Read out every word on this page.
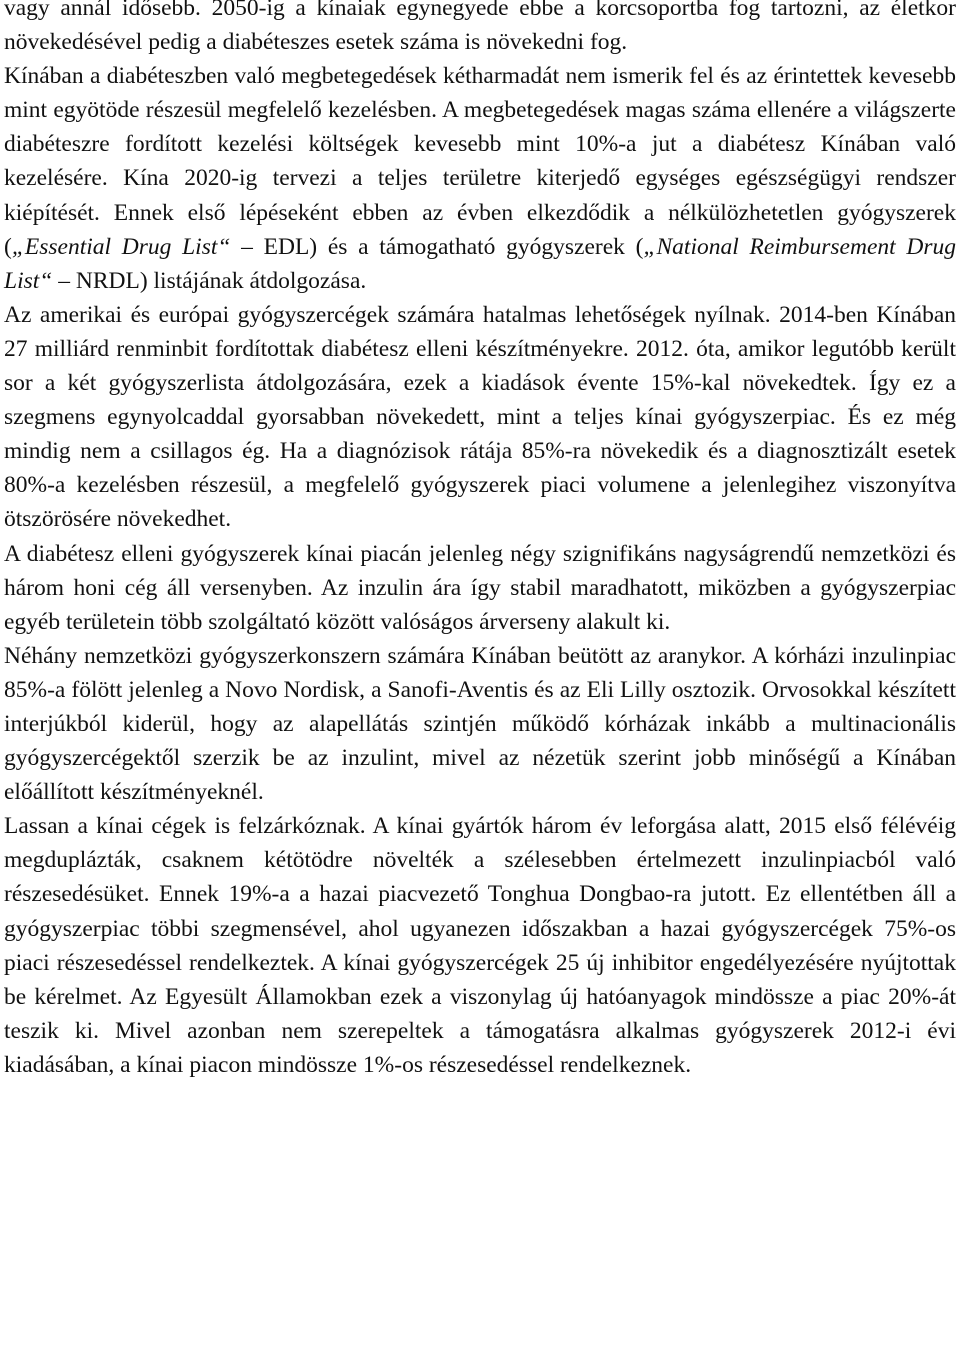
vagy annál idősebb. 2050-ig a kínaiak egynegyede ebbe a korcsoportba fog tartozni, az életkor növekedésével pedig a diabéteszes esetek száma is növekedni fog.

Kínában a diabéteszben való megbetegedések kétharmadát nem ismerik fel és az érintettek kevesebb mint egyötöde részesül megfelelő kezelésben. A megbetegedések magas száma ellenére a világszerte diabéteszre fordított kezelési költségek kevesebb mint 10%-a jut a diabétesz Kínában való kezelésére. Kína 2020-ig tervezi a teljes területre kiterjedő egységes egészségügyi rendszer kiépítését. Ennek első lépéseként ebben az évben elkezdődik a nélkülözhetetlen gyógyszerek („Essential Drug List“ – EDL) és a támogatható gyógyszerek („National Reimbursement Drug List“ – NRDL) listájának átdolgozása.

Az amerikai és európai gyógyszercégek számára hatalmas lehetőségek nyílnak. 2014-ben Kínában 27 milliárd renminbit fordítottak diabétesz elleni készítményekre. 2012. óta, amikor legutóbb került sor a két gyógyszerlista átdolgozására, ezek a kiadások évente 15%-kal növekedtek. Így ez a szegmens egynyolcaddal gyorsabban növekedett, mint a teljes kínai gyógyszerpiac. És ez még mindig nem a csillagos ég. Ha a diagnózisok rátája 85%-ra növekedik és a diagnosztizált esetek 80%-a kezelésben részesül, a megfelelő gyógyszerek piaci volumene a jelenlegihez viszonyítva ötszörösére növekedhet.

A diabétesz elleni gyógyszerek kínai piacán jelenleg négy szignifikáns nagyságrendű nemzetközi és három honi cég áll versenyben. Az inzulin ára így stabil maradhatott, miközben a gyógyszerpiac egyéb területein több szolgáltató között valóságos árverseny alakult ki.

Néhány nemzetközi gyógyszerkonszern számára Kínában beütött az aranykor. A kórházi inzulinpiac 85%-a fölött jelenleg a Novo Nordisk, a Sanofi-Aventis és az Eli Lilly osztozik. Orvosokkal készített interjúkból kiderül, hogy az alapellátás szintjén működő kórházak inkább a multinacionális gyógyszercégektől szerzik be az inzulint, mivel az nézetük szerint jobb minőségű a Kínában előállított készítményeknél.

Lassan a kínai cégek is felzárkóznak. A kínai gyártók három év leforgása alatt, 2015 első félévéig megduplázták, csaknem kétötödre növelték a szélesebben értelmezett inzulinpiacból való részesedésüket. Ennek 19%-a a hazai piacvezető Tonghua Dongbao-ra jutott. Ez ellentétben áll a gyógyszerpiac többi szegmensével, ahol ugyanezen időszakban a hazai gyógyszercégek 75%-os piaci részesedéssel rendelkeztek. A kínai gyógyszercégek 25 új inhibitor engedélyezésére nyújtottak be kérelmet. Az Egyesült Államokban ezek a viszonylag új hatóanyagok mindössze a piac 20%-át teszik ki. Mivel azonban nem szerepeltek a támogatásra alkalmas gyógyszerek 2012-i évi kiadásában, a kínai piacon mindössze 1%-os részesedéssel rendelkeznek.
